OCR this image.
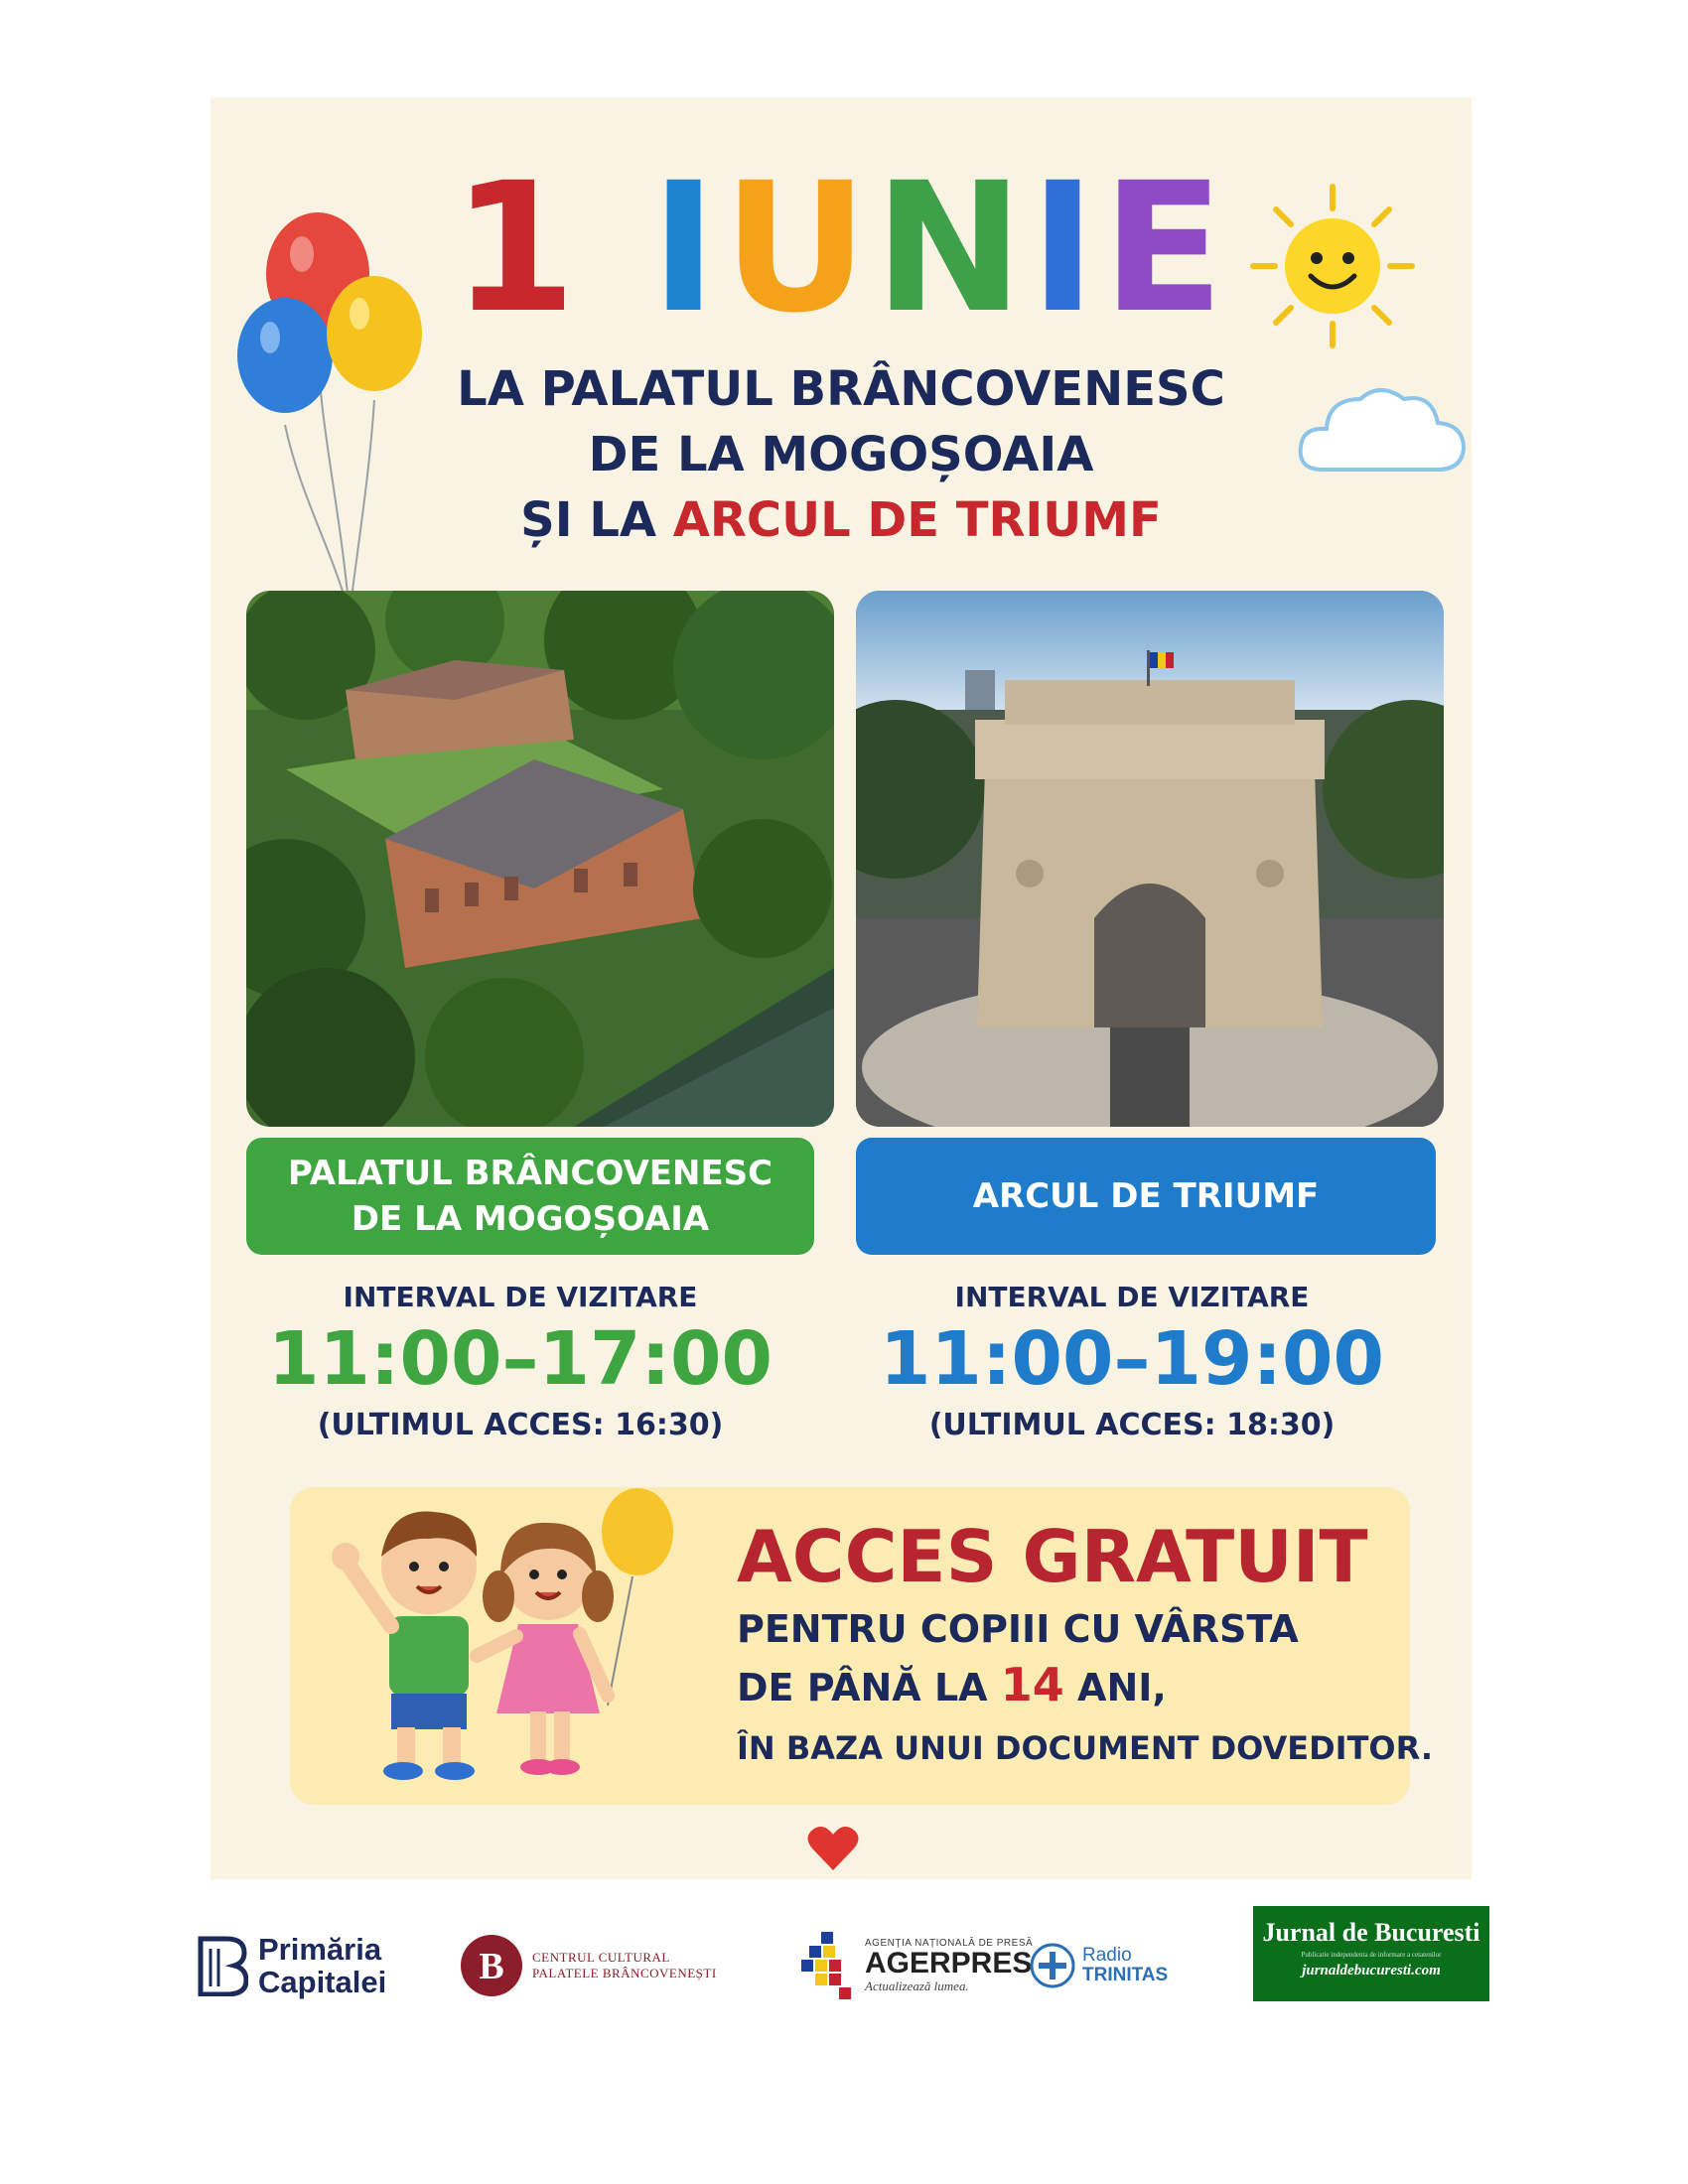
1 IUNIE
LA PALATUL BRÂNCOVENESC
DE LA MOGOȘOAIA
ȘI LA ARCUL DE TRIUMF
PALATUL BRÂNCOVENESC
DE LA MOGOȘOAIA
ARCUL DE TRIUMF
INTERVAL DE VIZITARE
11:00–17:00
(ULTIMUL ACCES: 16:30)
INTERVAL DE VIZITARE
11:00–19:00
(ULTIMUL ACCES: 18:30)
ACCES GRATUIT
PENTRU COPIII CU VÂRSTA
DE PÂNĂ LA 14 ANI,
ÎN BAZA UNUI DOCUMENT DOVEDITOR.
Primăria
Capitalei B CENTRUL CULTURAL
PALATELE BRÂNCOVENEȘTI
AGENȚIA NAȚIONALĂ DE PRESĂ
AGERPRES
Actualizează lumea.
Radio
TRINITAS
Jurnal de Bucuresti
Publicatie independenta de informare a cetatenilor
jurnaldebucuresti.com
